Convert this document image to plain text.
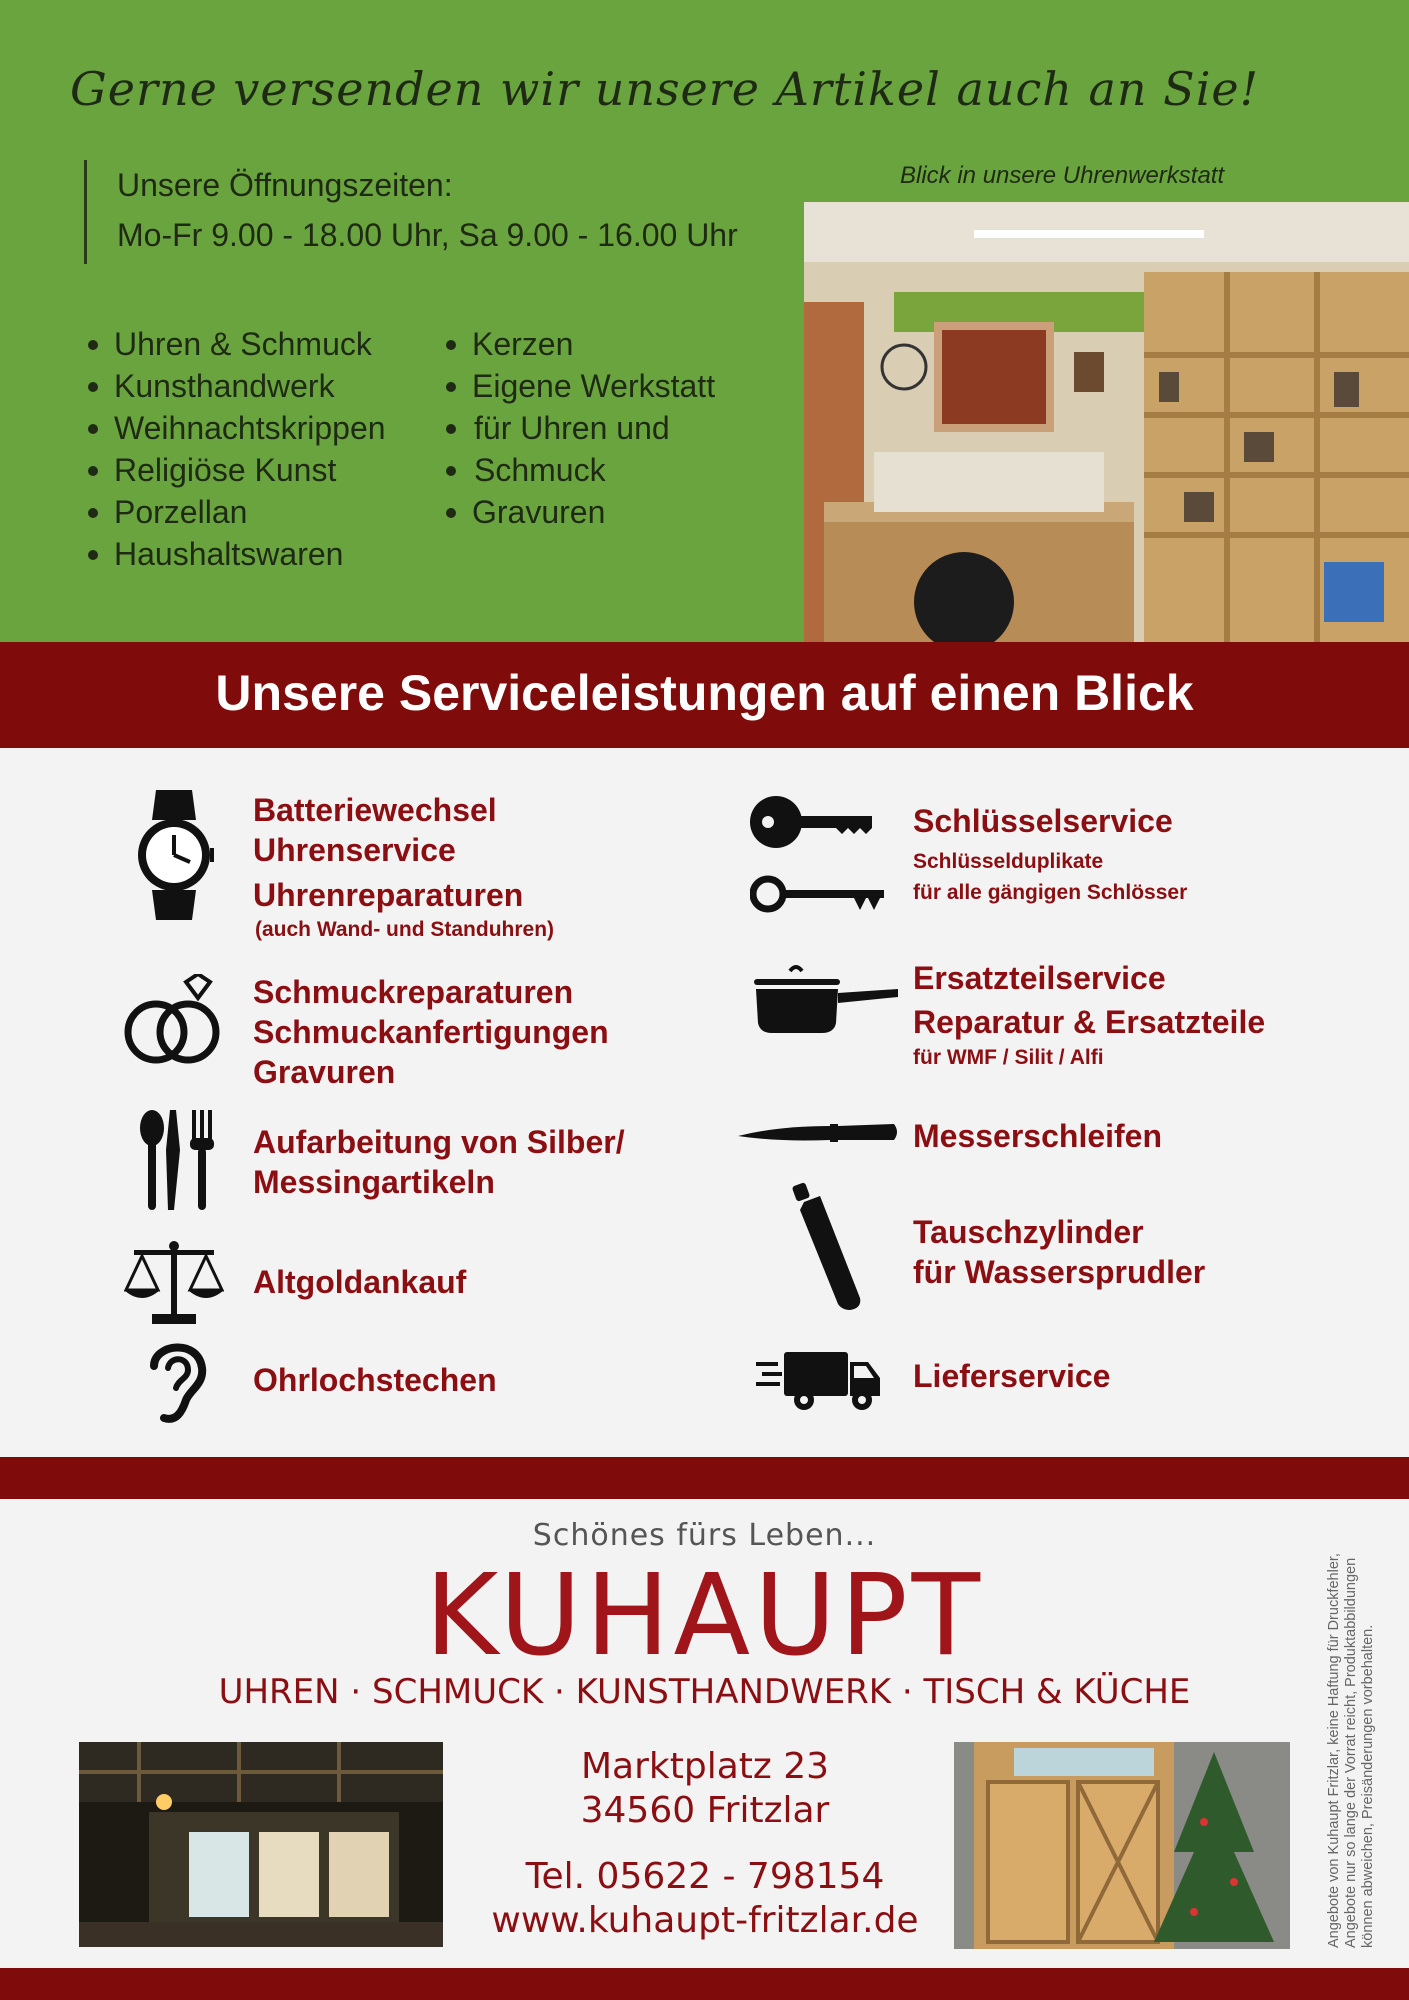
Gerne versenden wir unsere Artikel auch an Sie!
Unsere Öffnungszeiten:
Mo-Fr 9.00 - 18.00 Uhr, Sa 9.00 - 16.00 Uhr
Uhren & Schmuck
Kunsthandwerk
Weihnachtskrippen
Religiöse Kunst
Porzellan
Haushaltswaren
Kerzen
Eigene Werkstatt
für Uhren und
Schmuck
Gravuren
Blick in unsere Uhrenwerkstatt
Unsere Serviceleistungen auf einen Blick
Batteriewechsel
Uhrenservice
Uhrenreparaturen
(auch Wand- und Standuhren)
Schmuckreparaturen
Schmuckanfertigungen
Gravuren
Aufarbeitung von Silber/
Messingartikeln
Altgoldankauf
Ohrlochstechen
Schlüsselservice
Schlüsselduplikate
für alle gängigen Schlösser
Ersatzteilservice
Reparatur & Ersatzteile
für WMF / Silit / Alfi
Messerschleifen
Tauschzylinder
für Wassersprudler
Lieferservice
Schönes fürs Leben...
KUHAUPT
UHREN · SCHMUCK · KUNSTHANDWERK · TISCH & KÜCHE
Marktplatz 23
34560 Fritzlar
Tel. 05622 - 798154
www.kuhaupt-fritzlar.de	Angebote von Kuhaupt Fritzlar, keine Haftung für Druckfehler, Angebote nur so lange der Vorrat reicht, Produktabbildungen können abweichen, Preisänderungen vorbehalten.
